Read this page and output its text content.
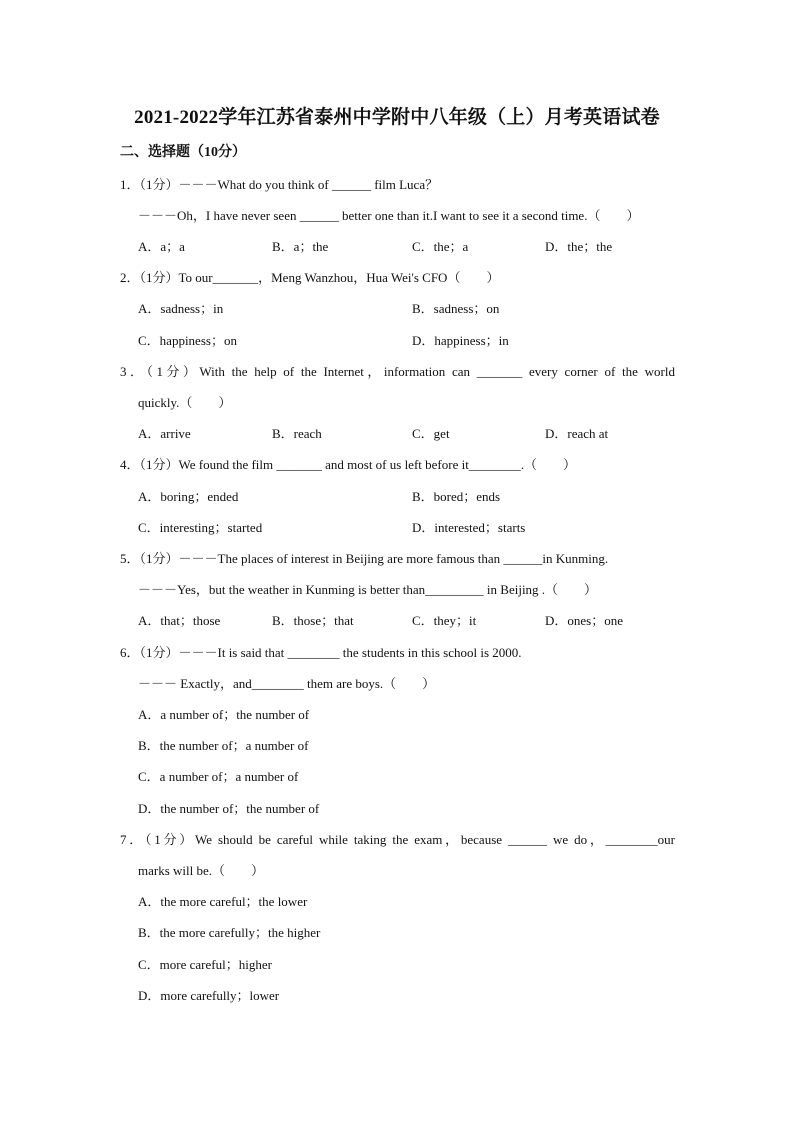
2021-2022学年江苏省泰州中学附中八年级（上）月考英语试卷
二、选择题（10分）
1．（1分）－－－What do you think of ______ film Luca？
－－－Oh，I have never seen ______ better one than it.I want to see it a second time.（　　）
A．a；a	B．a；the	C．the；a	D．the；the
2．（1分）To our_______，Meng Wanzhou，Hua Wei's CFO（　　）
A．sadness；in	B．sadness；on
C．happiness；on	D．happiness；in
3．（1分）With the help of the Internet，information can _______ every corner of the world
quickly.（　　）
A．arrive	B．reach	C．get	D．reach at
4．（1分）We found the film _______ and most of us left before it________.（　　）
A．boring；ended	B．bored；ends
C．interesting；started	D．interested；starts
5．（1分）－－－The places of interest in Beijing are more famous than ______in Kunming.
－－－Yes，but the weather in Kunming is better than_________ in Beijing .（　　）
A．that；those	B．those；that	C．they；it	D．ones；one
6．（1分）－－－It is said that ________ the students in this school is 2000.
－－－ Exactly，and________ them are boys.（　　）
A．a number of；the number of
B．the number of；a number of
C．a number of；a number of
D．the number of；the number of
7．（1分）We should be careful while taking the exam，because ______ we do，________our
marks will be.（　　）
A．the more careful；the lower
B．the more carefully；the higher
C．more careful；higher
D．more carefully；lower
